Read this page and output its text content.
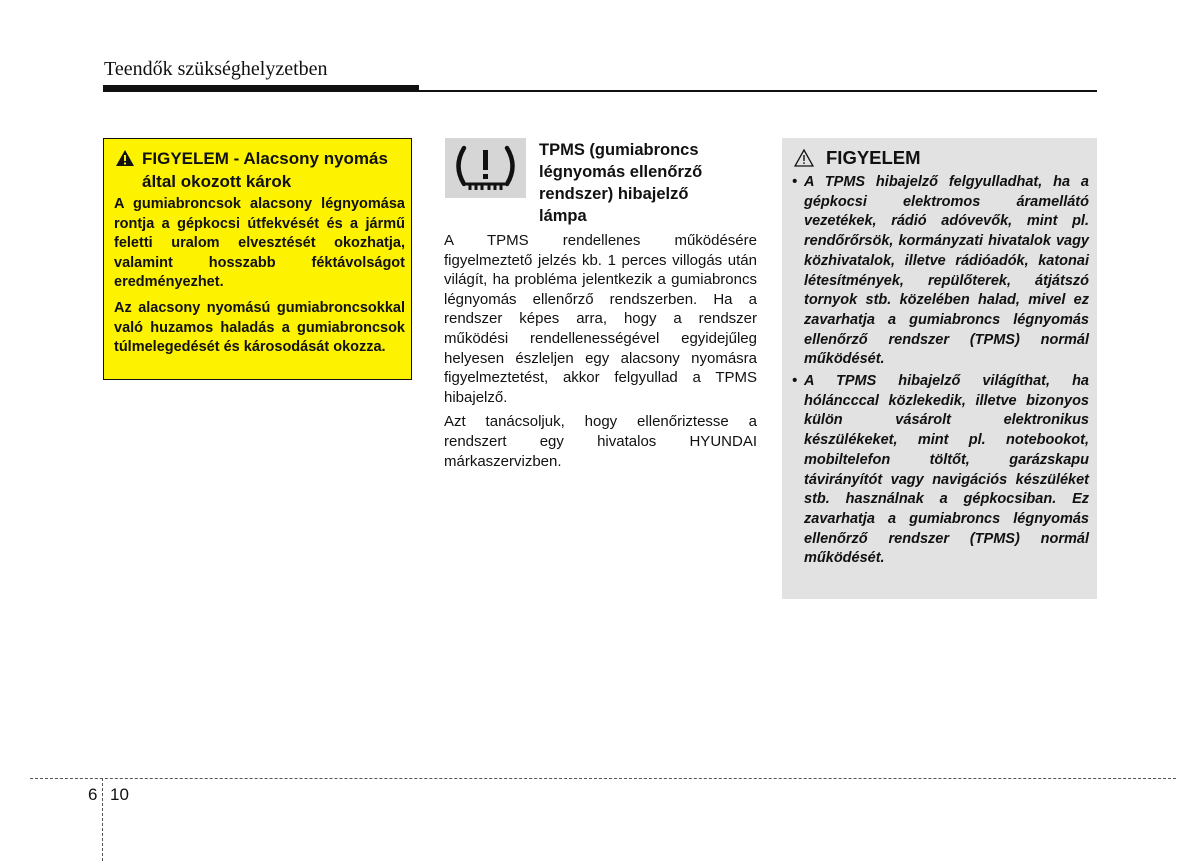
Teendők szükséghelyzetben
FIGYELEM - Alacsony nyomás által okozott károk

A gumiabroncsok alacsony légnyomása rontja a gépkocsi útfekvését és a jármű feletti uralom elvesztését okozhatja, valamint hosszabb féktávolságot eredményezhet.

Az alacsony nyomású gumiabroncsokkal való huzamos haladás a gumiabroncsok túlmelegedését és károsodását okozza.

TPMS (gumiabroncs légnyomás ellenőrző rendszer) hibajelző lámpa

A TPMS rendellenes működésére figyelmeztető jelzés kb. 1 perces villogás után világít, ha probléma jelentkezik a gumiabroncs légnyomás ellenőrző rendszerben. Ha a rendszer képes arra, hogy a rendszer működési rendellenességével egyidejűleg helyesen észleljen egy alacsony nyomásra figyelmeztetést, akkor felgyullad a TPMS hibajelző.

Azt tanácsoljuk, hogy ellenőriztesse a rendszert egy hivatalos HYUNDAI márkaszervizben.

FIGYELEM
• A TPMS hibajelző felgyulladhat, ha a gépkocsi elektromos áramellátó vezetékek, rádió adóvevők, mint pl. rendőrőrsök, kormányzati hivatalok vagy közhivatalok, illetve rádióadók, katonai létesítmények, repülőterek, átjátszó tornyok stb. közelében halad, mivel ez zavarhatja a gumiabroncs légnyomás ellenőrző rendszer (TPMS) normál működését.
• A TPMS hibajelző világíthat, ha hóláncccal közlekedik, illetve bizonyos külön vásárolt elektronikus készülékeket, mint pl. notebookot, mobiltelefon töltőt, garázskapu távirányítót vagy navigációs készüléket stb. használnak a gépkocsiban. Ez zavarhatja a gumiabroncs légnyomás ellenőrző rendszer (TPMS) normál működését.
6 10
